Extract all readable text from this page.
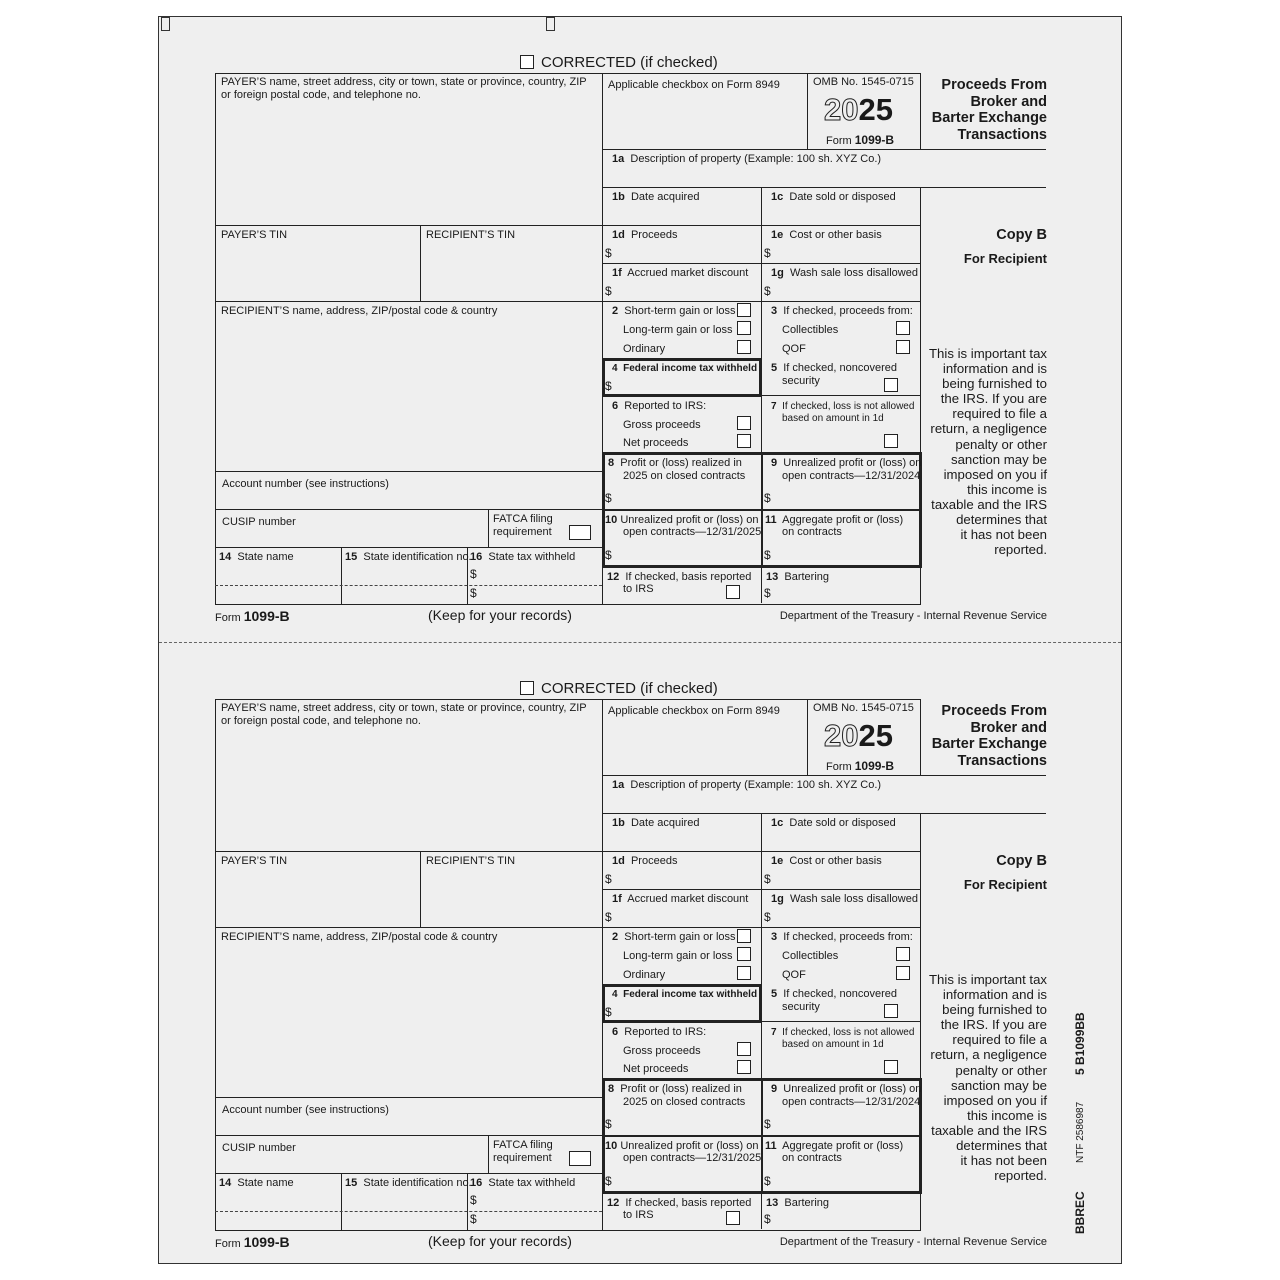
CORRECTED (if checked)
PAYER’S name, street address, city or town, state or province, country, ZIP
or foreign postal code, and telephone no.
Applicable checkbox on Form 8949	OMB No. 1545-0715
2025
Form 1099-B
Proceeds From
Broker and
Barter Exchange
Transactions
1a Description of property (Example: 100 sh. XYZ Co.)
1b Date acquired	1c Date sold or disposed
PAYER’S TIN	RECIPIENT’S TIN	1d Proceeds
$
1e Cost or other basis
$
1f Accrued market discount
$
1g Wash sale loss disallowed
$
Copy B
For Recipient
RECIPIENT’S name, address, ZIP/postal code & country	2 Short-term gain or loss
Long-term gain or loss
Ordinary
3 If checked, proceeds from:
Collectibles
QOF
4 Federal income tax withheld
$
5 If checked, noncovered
security
6 Reported to IRS:
Gross proceeds
Net proceeds
7 If checked, loss is not allowed
based on amount in 1d
This is important tax
information and is
being furnished to
the IRS. If you are
required to file a
return, a negligence
penalty or other
sanction may be
imposed on you if
this income is
taxable and the IRS
determines that
it has not been
reported.
8 Profit or (loss) realized in
2025 on closed contracts
$
9 Unrealized profit or (loss) on
open contracts—12/31/2024
$
Account number (see instructions)
CUSIP number	FATCA filing
requirement
10 Unrealized profit or (loss) on
open contracts—12/31/2025
$
11 Aggregate profit or (loss)
on contracts
$
14 State name	15 State identification no.
16 State tax withheld
$
$
12 If checked, basis reported
to IRS
13 Bartering
$
Form 1099-B	(Keep for your records)	Department of the Treasury - Internal Revenue Service
CORRECTED (if checked)
PAYER’S name, street address, city or town, state or province, country, ZIP
or foreign postal code, and telephone no.
Applicable checkbox on Form 8949	OMB No. 1545-0715
2025
Form 1099-B
Proceeds From
Broker and
Barter Exchange
Transactions
1a Description of property (Example: 100 sh. XYZ Co.)
1b Date acquired	1c Date sold or disposed
PAYER’S TIN	RECIPIENT’S TIN	1d Proceeds
$
1e Cost or other basis
$
1f Accrued market discount
$
1g Wash sale loss disallowed
$
Copy B
For Recipient
RECIPIENT’S name, address, ZIP/postal code & country	2 Short-term gain or loss
Long-term gain or loss
Ordinary
3 If checked, proceeds from:
Collectibles
QOF
4 Federal income tax withheld
$
5 If checked, noncovered
security
6 Reported to IRS:
Gross proceeds
Net proceeds
7 If checked, loss is not allowed
based on amount in 1d
This is important tax
information and is
being furnished to
the IRS. If you are
required to file a
return, a negligence
penalty or other
sanction may be
imposed on you if
this income is
taxable and the IRS
determines that
it has not been
reported.
8 Profit or (loss) realized in
2025 on closed contracts
$
9 Unrealized profit or (loss) on
open contracts—12/31/2024
$
Account number (see instructions)
CUSIP number	FATCA filing
requirement
10 Unrealized profit or (loss) on
open contracts—12/31/2025
$
11 Aggregate profit or (loss)
on contracts
$
14 State name	15 State identification no.
16 State tax withheld
$
$
12 If checked, basis reported
to IRS
13 Bartering
$
Form 1099-B	(Keep for your records)	Department of the Treasury - Internal Revenue Service
BBREC
NTF 2586987
5 B1099BB
